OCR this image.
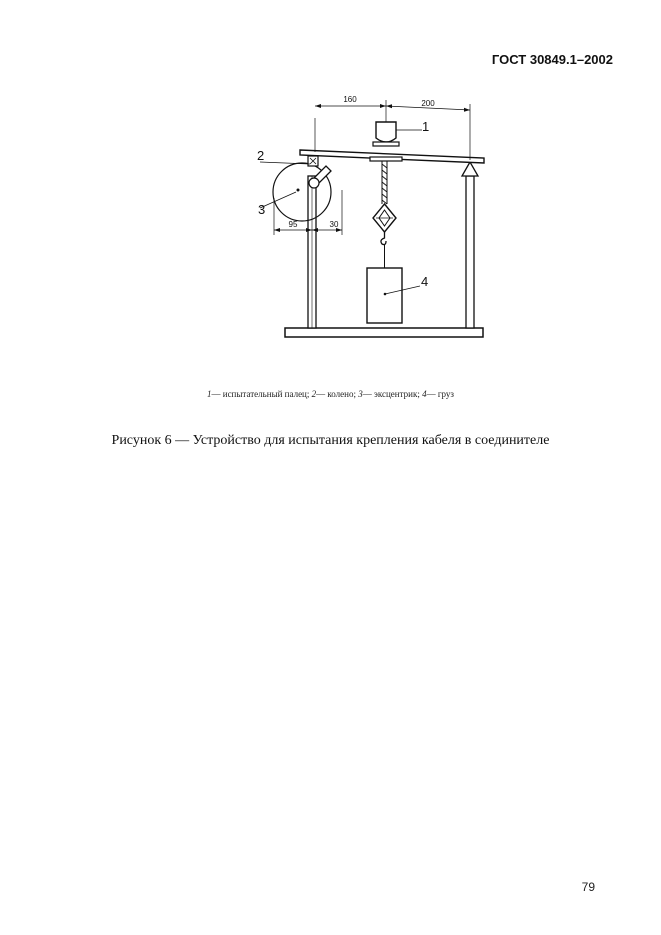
ГОСТ 30849.1–2002
160	200
95	30
1
2
3
4
1— испытательный палец; 2— колено; 3— эксцентрик; 4— груз
Рисунок 6 — Устройство для испытания крепления кабеля в соединителе
79
